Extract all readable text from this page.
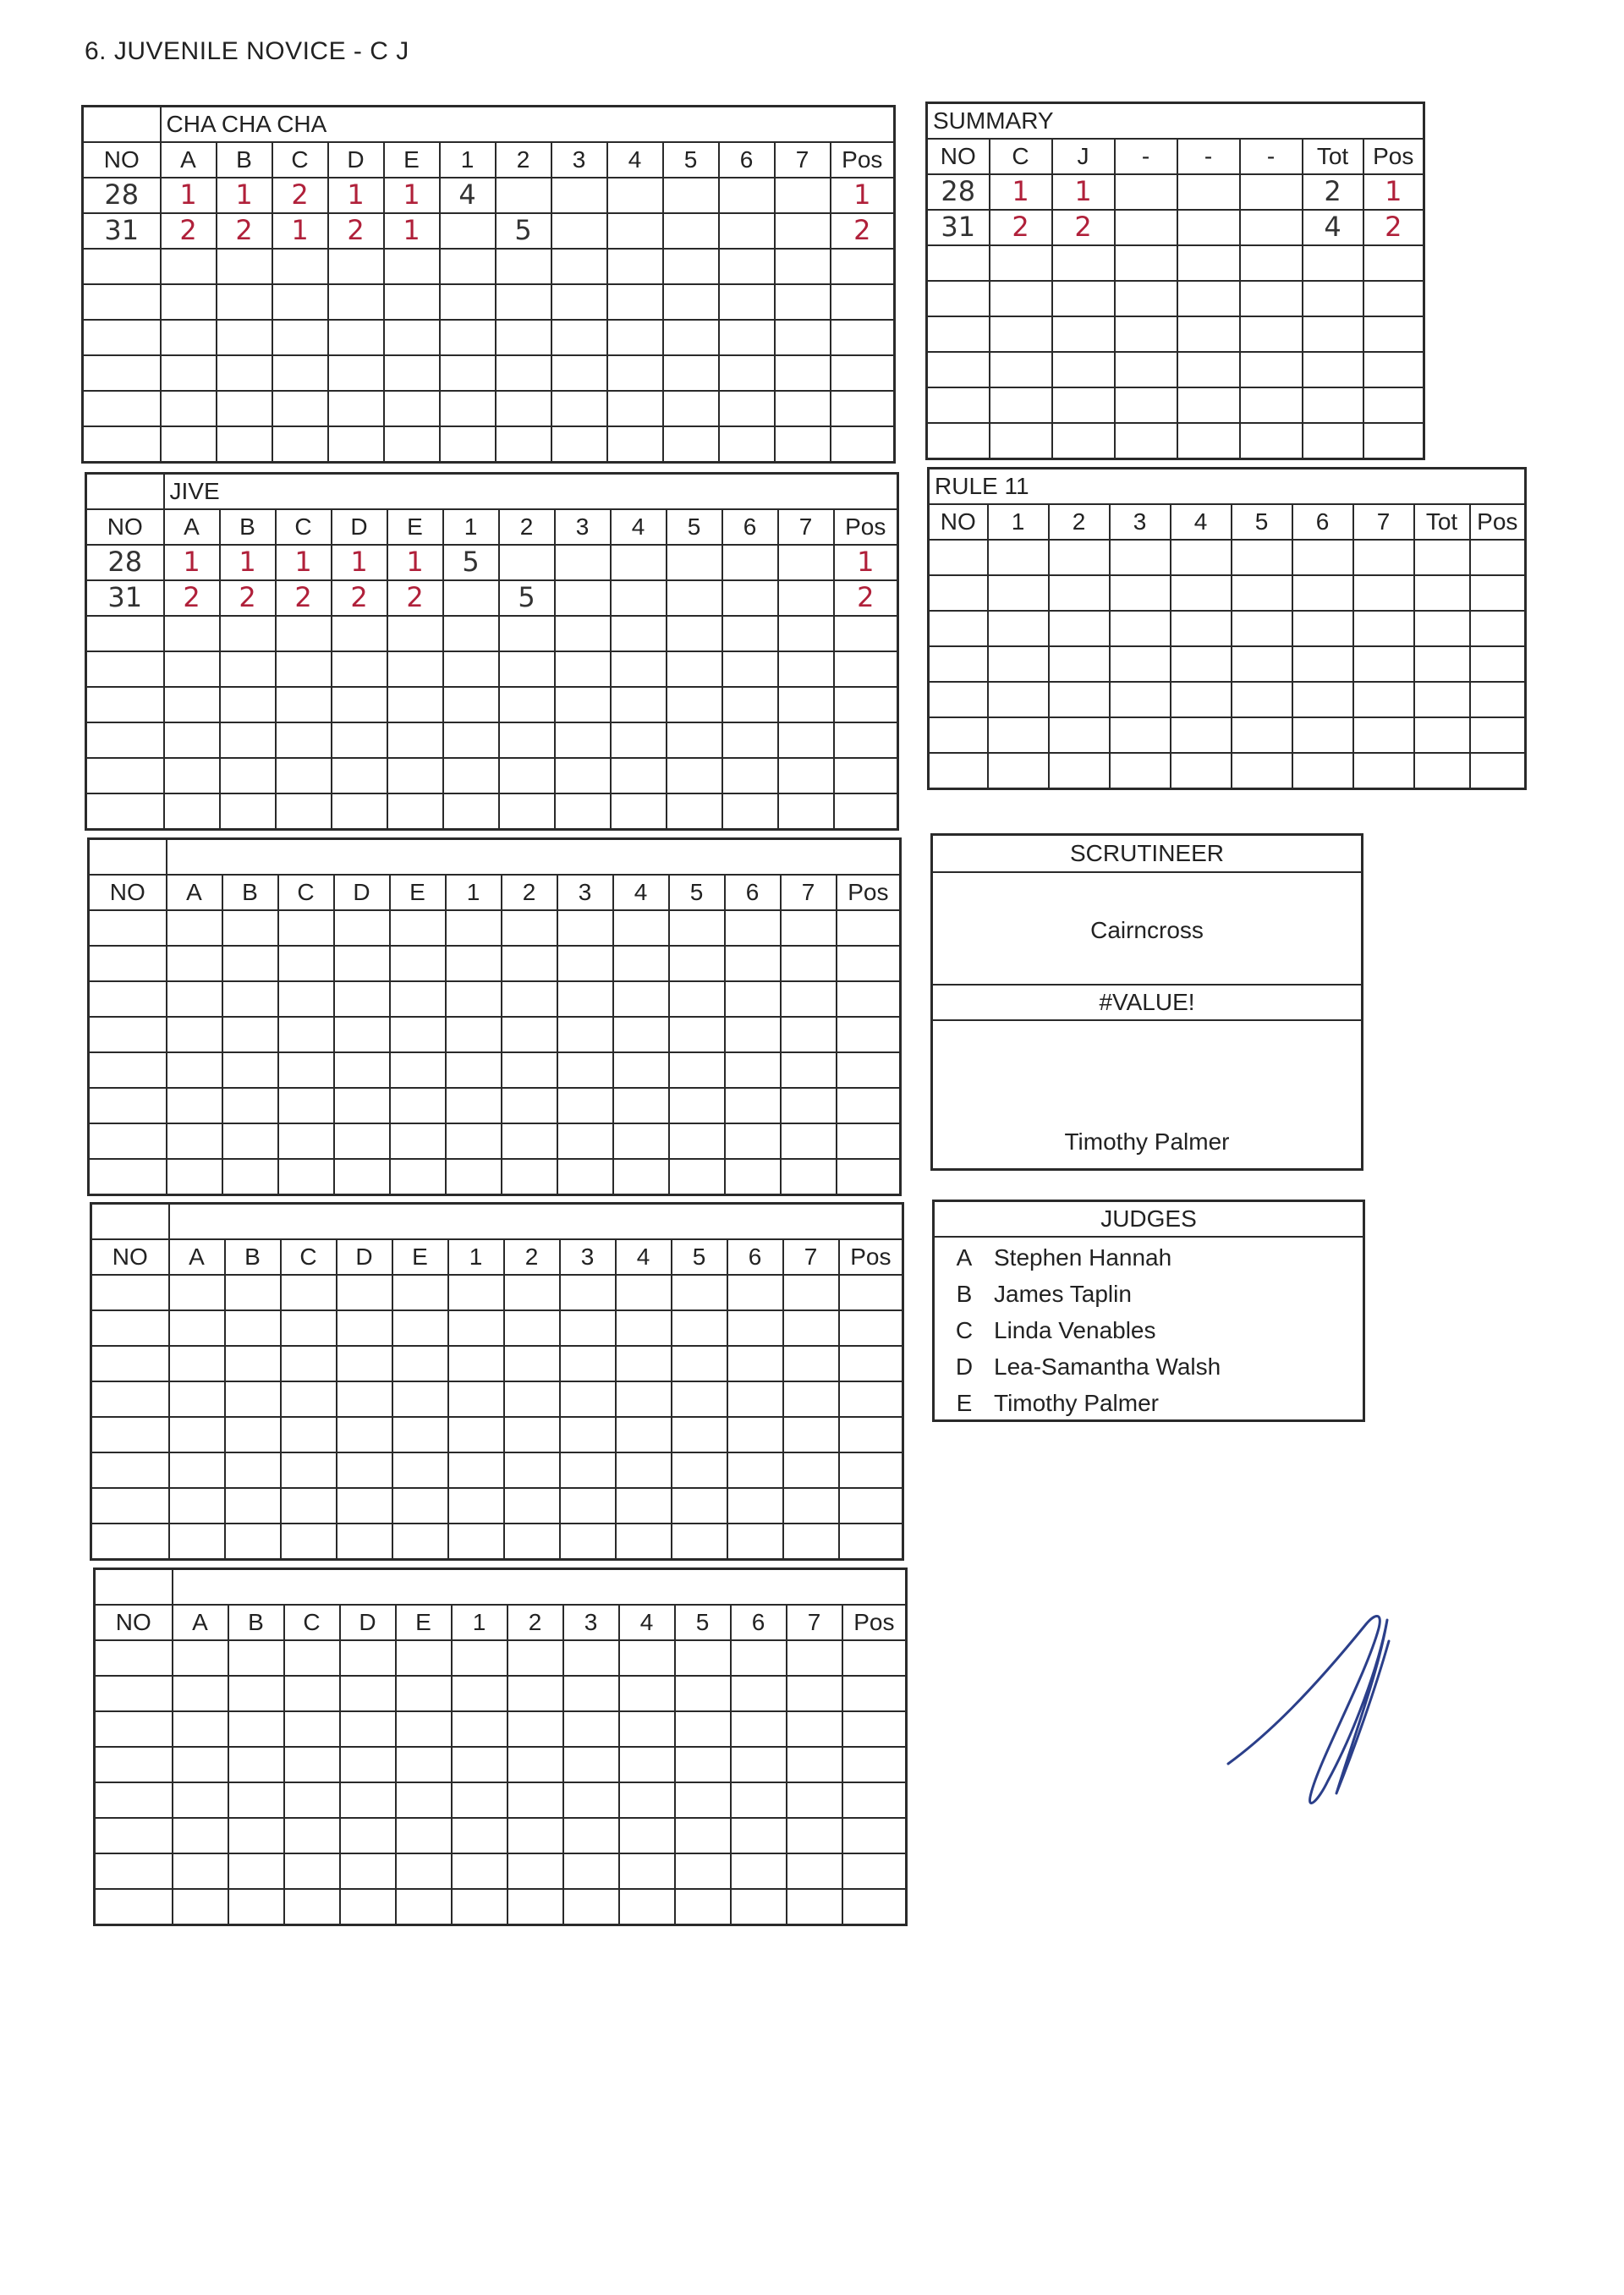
6. JUVENILE NOVICE - C J
	CHA CHA CHA												
NO	A	B	C	D	E	1	2	3	4	5	6	7	Pos
28	1	1	2	1	1	4							1
31	2	2	1	2	1		5						2

	JIVE												
NO	A	B	C	D	E	1	2	3	4	5	6	7	Pos
28	1	1	1	1	1	5							1
31	2	2	2	2	2		5						2

NO	A	B	C	D	E	1	2	3	4	5	6	7	Pos

NO	A	B	C	D	E	1	2	3	4	5	6	7	Pos

NO	A	B	C	D	E	1	2	3	4	5	6	7	Pos

SUMMARY							
NO	C	J	-	-	-	Tot	Pos
28	1	1				2	1
31	2	2				4	2

RULE 11									
NO	1	2	3	4	5	6	7	Tot	Pos

SCRUTINEER
Cairncross
#VALUE!
Timothy Palmer
JUDGES
A Stephen Hannah
B James Taplin
C Linda Venables
D Lea-Samantha Walsh
E Timothy Palmer
